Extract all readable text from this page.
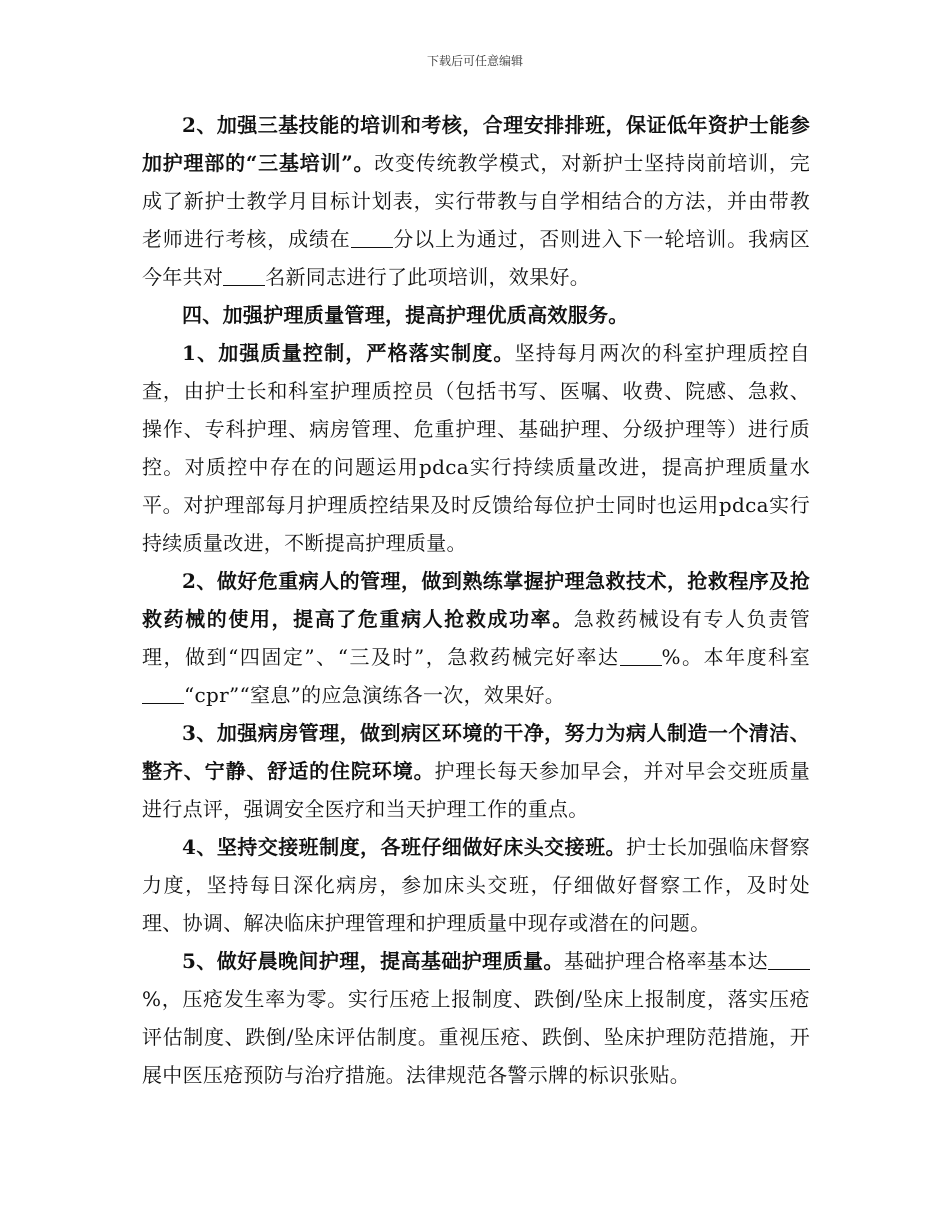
下载后可任意编辑

2、加强三基技能的培训和考核，合理安排排班，保证低年资护士能参加护理部的“三基培训”。改变传统教学模式，对新护士坚持岗前培训，完成了新护士教学月目标计划表，实行带教与自学相结合的方法，并由带教老师进行考核，成绩在 分以上为通过，否则进入下一轮培训。我病区今年共对 名新同志进行了此项培训，效果好。

四、加强护理质量管理，提高护理优质高效服务。

1、加强质量控制，严格落实制度。坚持每月两次的科室护理质控自查，由护士长和科室护理质控员（包括书写、医嘱、收费、院感、急救、操作、专科护理、病房管理、危重护理、基础护理、分级护理等）进行质控。对质控中存在的问题运用pdca实行持续质量改进，提高护理质量水平。对护理部每月护理质控结果及时反馈给每位护士同时也运用pdca实行持续质量改进，不断提高护理质量。

2、做好危重病人的管理，做到熟练掌握护理急救技术，抢救程序及抢救药械的使用，提高了危重病人抢救成功率。急救药械设有专人负责管理，做到“四固定”、“三及时”，急救药械完好率达 %。本年度科室“cpr”“窒息”的应急演练各一次，效果好。

3、加强病房管理，做到病区环境的干净，努力为病人制造一个清洁、整齐、宁静、舒适的住院环境。护理长每天参加早会，并对早会交班质量进行点评，强调安全医疗和当天护理工作的重点。

4、坚持交接班制度，各班仔细做好床头交接班。护士长加强临床督察力度，坚持每日深化病房，参加床头交班，仔细做好督察工作，及时处理、协调、解决临床护理管理和护理质量中现存或潜在的问题。

5、做好晨晚间护理，提高基础护理质量。基础护理合格率基本达%，压疮发生率为零。实行压疮上报制度、跌倒/坠床上报制度，落实压疮评估制度、跌倒/坠床评估制度。重视压疮、跌倒、坠床护理防范措施，开展中医压疮预防与治疗措施。法律规范各警示牌的标识张贴。
